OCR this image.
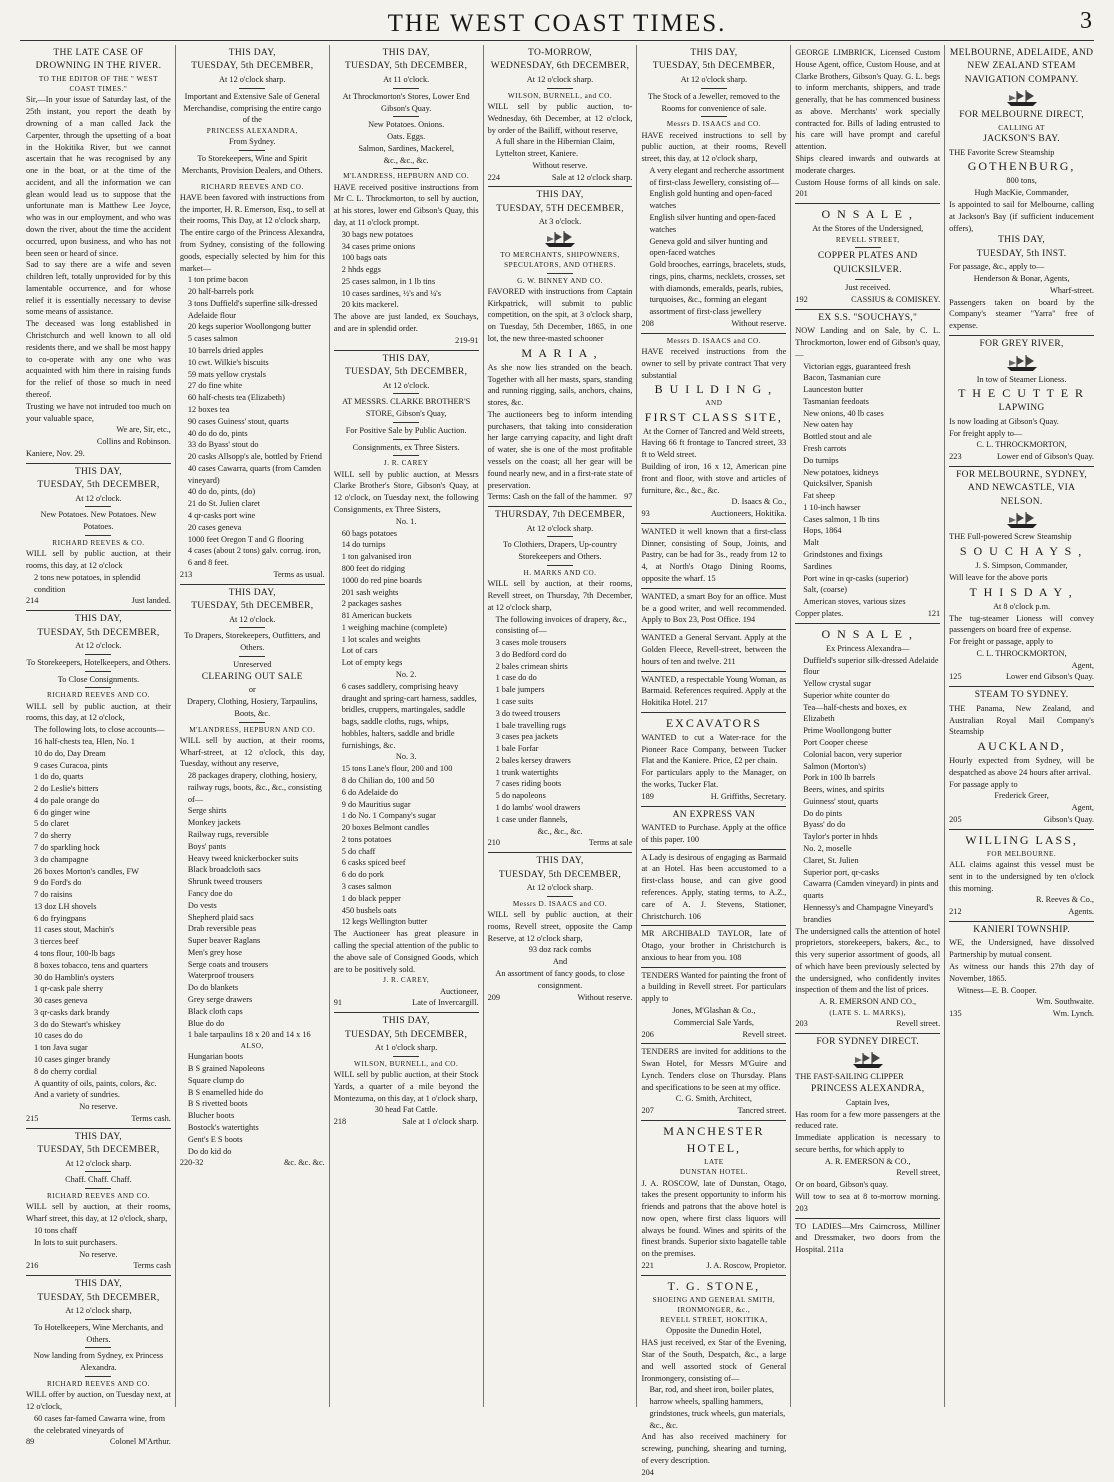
THE WEST COAST TIMES.	3
THE LATE CASE OF DROWNING IN THE RIVER.
TO THE EDITOR OF THE " WEST COAST TIMES."
Sir,—In your issue of Saturday last, of the 25th instant, you report the death by drowning of a man called Jack the Carpenter, through the upsetting of a boat in the Hokitika River, but we cannot ascertain that he was recognised by any one in the boat, or at the time of the accident, and all the information we can glean would lead us to suppose that the unfortunate man is Matthew Lee Joyce, who was in our employment, and who was down the river, about the time the accident occurred, upon business, and who has not been seen or heard of since.
Sad to say there are a wife and seven children left, totally unprovided for by this lamentable occurrence, and for whose relief it is essentially necessary to devise some means of assistance.
The deceased was long established in Christchurch and well known to all old residents there, and we shall be most happy to co-operate with any one who was acquainted with him there in raising funds for the relief of those so much in need thereof.
Trusting we have not intruded too much on your valuable space,
We are, Sir, etc.,
Collins and Robinson.
Kaniere, Nov. 29.
THIS DAY,
TUESDAY, 5th DECEMBER,
At 12 o'clock.
New Potatoes. New Potatoes. New Potatoes.
RICHARD REEVES & CO.
WILL sell by public auction, at their rooms, this day, at 12 o'clock
2 tons new potatoes, in splendid condition
214	Just landed.
THIS DAY,
TUESDAY, 5th DECEMBER,
At 12 o'clock.
To Storekeepers, Hotelkeepers, and Others.
To Close Consignments.
RICHARD REEVES AND CO.
WILL sell by public auction, at their rooms, this day, at 12 o'clock,
The following lots, to close accounts—
16 half-chests tea, Hlen, No. 1
10 do do, Day Dream
9 cases Curacoa, pints
1 do do, quarts
2 do Leslie's bitters
4 do pale orange do
6 do ginger wine
5 do claret
7 do sherry
7 do sparkling hock
3 do champagne
26 boxes Morton's candles, FW
9 do Ford's do
7 do raisins
13 doz LH shovels
6 do fryingpans
11 cases stout, Machin's
3 tierces beef
4 tons flour, 100-lb bags
8 boxes tobacco, tens and quarters
30 do Hamblin's oysters
1 qr-cask pale sherry
30 cases geneva
3 qr-casks dark brandy
3 do do Stewart's whiskey
10 cases do do
1 ton Java sugar
10 cases ginger brandy
8 do cherry cordial
A quantity of oils, paints, colors, &c.
And a variety of sundries.
No reserve.
215	Terms cash.
THIS DAY,
TUESDAY, 5th DECEMBER,
At 12 o'clock sharp.
Chaff. Chaff. Chaff.
RICHARD REEVES AND CO.
WILL sell by auction, at their rooms, Wharf street, this day, at 12 o'clock, sharp,
10 tons chaff
In lots to suit purchasers.
No reserve.
216	Terms cash
THIS DAY,
TUESDAY, 5th DECEMBER,
At 12 o'clock sharp,
To Hotelkeepers, Wine Merchants, and Others.
Now landing from Sydney, ex Princess Alexandra.
RICHARD REEVES AND CO.
WILL offer by auction, on Tuesday next, at 12 o'clock,
60 cases far-famed Cawarra wine, from the celebrated vineyards of
89	Colonel M'Arthur.
THIS DAY,
TUESDAY, 5th DECEMBER,
At 12 o'clock sharp.
Important and Extensive Sale of General Merchandise, comprising the entire cargo of the
PRINCESS ALEXANDRA,
From Sydney.
To Storekeepers, Wine and Spirit Merchants, Provision Dealers, and Others.
RICHARD REEVES AND CO.
HAVE been favored with instructions from the importer, H. R. Emerson, Esq., to sell at their rooms, This Day, at 12 o'clock sharp,
The entire cargo of the Princess Alexandra, from Sydney, consisting of the following goods, especially selected by him for this market—
1 ton prime bacon
20 half-barrels pork
3 tons Duffield's superfine silk-dressed Adelaide flour
20 kegs superior Woollongong butter
5 cases salmon
10 barrels dried apples
10 cwt. Wilkie's biscuits
59 mats yellow crystals
27 do fine white
60 half-chests tea (Elizabeth)
12 boxes tea
90 cases Guiness' stout, quarts
40 do do do, pints
33 do Byass' stout do
20 casks Allsopp's ale, bottled by Friend
40 cases Cawarra, quarts (from Camden vineyard)
40 do do, pints, (do)
21 do St. Julien claret
4 qr-casks port wine
20 cases geneva
1000 feet Oregon T and G flooring
4 cases (about 2 tons) galv. corrug. iron, 6 and 8 feet.
213	Terms as usual.
THIS DAY,
TUESDAY, 5th DECEMBER,
At 12 o'clock.
To Drapers, Storekeepers, Outfitters, and Others.
Unreserved
CLEARING OUT SALE
or
Drapery, Clothing, Hosiery, Tarpaulins, Boots, &c.
M'LANDRESS, HEPBURN AND CO.
WILL sell by auction, at their rooms, Wharf-street, at 12 o'clock, this day, Tuesday, without any reserve,
28 packages drapery, clothing, hosiery, railway rugs, boots, &c., &c., consisting of—
Serge shirts
Monkey jackets
Railway rugs, reversible
Boys' pants
Heavy tweed knickerbocker suits
Black broadcloth sacs
Shrunk tweed trousers
Fancy doe do
Do vests
Shepherd plaid sacs
Drab reversible peas
Super beaver Raglans
Men's grey hose
Serge coats and trousers
Waterproof trousers
Do do blankets
Grey serge drawers
Black cloth caps
Blue do do
1 bale tarpaulins 18 x 20 and 14 x 16
ALSO,
Hungarian boots
B S grained Napoleons
Square clump do
B S enamelled hide do
B S rivetted boots
Blucher boots
Bostock's watertights
Gent's E S boots
Do do kid do
220-32	&c. &c. &c.
THIS DAY,
TUESDAY, 5th DECEMBER,
At 11 o'clock.
At Throckmorton's Stores, Lower End Gibson's Quay.
New Potatoes. Onions.
Oats. Eggs.
Salmon, Sardines, Mackerel,
&c., &c., &c.
M'LANDRESS, HEPBURN AND CO.
HAVE received positive instructions from Mr C. L. Throckmorton, to sell by auction, at his stores, lower end Gibson's Quay, this day, at 11 o'clock prompt.
30 bags new potatoes
34 cases prime onions
100 bags oats
2 hhds eggs
25 cases salmon, in 1 lb tins
10 cases sardines, ½'s and ¼'s
20 kits mackerel.
The above are just landed, ex Souchays, and are in splendid order.
219-91
THIS DAY,
TUESDAY, 5th DECEMBER,
At 12 o'clock.
AT MESSRS. CLARKE BROTHER'S STORE, Gibson's Quay,
For Positive Sale by Public Auction.
Consignments, ex Three Sisters.
J. R. CAREY
WILL sell by public auction, at Messrs Clarke Brother's Store, Gibson's Quay, at 12 o'clock, on Tuesday next, the following Consignments, ex Three Sisters,
No. 1.
60 bags potatoes
14 do turnips
1 ton galvanised iron
800 feet do ridging
1000 do red pine boards
201 sash weights
2 packages sashes
81 American buckets
1 weighing machine (complete)
1 lot scales and weights
Lot of cars
Lot of empty kegs
No. 2.
6 cases saddlery, comprising heavy draught and spring-cart harness, saddles, bridles, cruppers, martingales, saddle bags, saddle cloths, rugs, whips, hobbles, halters, saddle and bridle furnishings, &c.
No. 3.
15 tons Lane's flour, 200 and 100
8 do Chilian do, 100 and 50
6 do Adelaide do
9 do Mauritius sugar
1 do No. 1 Company's sugar
20 boxes Belmont candles
2 tons potatoes
5 do chaff
6 casks spiced beef
6 do do pork
3 cases salmon
1 do black pepper
450 bushels oats
12 kegs Wellington butter
The Auctioneer has great pleasure in calling the special attention of the public to the above sale of Consigned Goods, which are to be positively sold.
J. R. CAREY,
Auctioneer,
91	Late of Invercargill.
THIS DAY,
TUESDAY, 5th DECEMBER,
At 1 o'clock sharp.
WILSON, BURNELL, and CO.
WILL sell by public auction, at their Stock Yards, a quarter of a mile beyond the Montezuma, on this day, at 1 o'clock sharp,
30 head Fat Cattle.
218	Sale at 1 o'clock sharp.
TO-MORROW,
WEDNESDAY, 6th DECEMBER,
At 12 o'clock sharp.
WILSON, BURNELL, and CO.
WILL sell by public auction, to-Wednesday, 6th December, at 12 o'clock, by order of the Bailiff, without reserve,
A full share in the Hibernian Claim, Lyttelton street, Kaniere.
Without reserve.
224	Sale at 12 o'clock sharp.
THIS DAY,
TUESDAY, 5TH DECEMBER,
At 3 o'clock.
TO MERCHANTS, SHIPOWNERS, SPECULATORS, AND OTHERS.
G. W. BINNEY AND CO.
FAVORED with instructions from Captain Kirkpatrick, will submit to public competition, on the spit, at 3 o'clock sharp, on Tuesday, 5th December, 1865, in one lot, the new three-masted schooner
M A R I A ,
As she now lies stranded on the beach. Together with all her masts, spars, standing and running rigging, sails, anchors, chains, stores, &c.
The auctioneers beg to inform intending purchasers, that taking into consideration her large carrying capacity, and light draft of water, she is one of the most profitable vessels on the coast; all her gear will be found nearly new, and in a first-rate state of preservation.
Terms: Cash on the fall of the hammer. 97
THURSDAY, 7th DECEMBER,
At 12 o'clock sharp.
To Clothiers, Drapers, Up-country Storekeepers and Others.
H. MARKS AND CO.
WILL sell by auction, at their rooms, Revell street, on Thursday, 7th December, at 12 o'clock sharp,
The following invoices of drapery, &c., consisting of—
3 cases mole trousers
3 do Bedford cord do
2 bales crimean shirts
1 case do do
1 bale jumpers
1 case suits
3 do tweed trousers
1 bale travelling rugs
3 cases pea jackets
1 bale Forfar
2 bales kersey drawers
1 trunk watertights
7 cases riding boots
5 do napoleons
1 do lambs' wool drawers
1 case under flannels,
&c., &c., &c.
210	Terms at sale
THIS DAY,
TUESDAY, 5th DECEMBER,
At 12 o'clock sharp.
Messrs D. ISAACS and CO.
WILL sell by public auction, at their rooms, Revell street, opposite the Camp Reserve, at 12 o'clock sharp,
93 doz rack combs
And
An assortment of fancy goods, to close consignment.
209	Without reserve.
THIS DAY,
TUESDAY, 5th DECEMBER,
At 12 o'clock sharp.
The Stock of a Jeweller, removed to the Rooms for convenience of sale.
Messrs D. ISAACS and CO.
HAVE received instructions to sell by public auction, at their rooms, Revell street, this day, at 12 o'clock sharp,
A very elegant and recherche assortment of first-class Jewellery, consisting of—
English gold hunting and open-faced watches
English silver hunting and open-faced watches
Geneva gold and silver hunting and open-faced watches
Gold brooches, earrings, bracelets, studs, rings, pins, charms, necklets, crosses, set with diamonds, emeralds, pearls, rubies, turquoises, &c., forming an elegant assortment of first-class jewellery
208	Without reserve.
Messrs D. ISAACS and CO.
HAVE received instructions from the owner to sell by private contract That very substantial
B U I L D I N G ,
AND
FIRST CLASS SITE,
At the Corner of Tancred and Weld streets,
Having 66 ft frontage to Tancred street, 33 ft to Weld street.
Building of iron, 16 x 12, American pine front and floor, with stove and articles of furniture, &c., &c., &c.
D. Isaacs & Co.,
93	Auctioneers, Hokitika.
WANTED it well known that a first-class Dinner, consisting of Soup, Joints, and Pastry, can be had for 3s., ready from 12 to 4, at North's Otago Dining Rooms, opposite the wharf. 15
WANTED, a smart Boy for an office. Must be a good writer, and well recommended. Apply to Box 23, Post Office. 194
WANTED a General Servant. Apply at the Golden Fleece, Revell-street, between the hours of ten and twelve. 211
WANTED, a respectable Young Woman, as Barmaid. References required. Apply at the Hokitika Hotel. 217
EXCAVATORS
WANTED to cut a Water-race for the Pioneer Race Company, between Tucker Flat and the Kaniere. Price, £2 per chain.
For particulars apply to the Manager, on the works, Tucker Flat.
189	H. Griffiths, Secretary.
AN EXPRESS VAN
WANTED to Purchase. Apply at the office of this paper. 100
A Lady is desirous of engaging as Barmaid at an Hotel. Has been accustomed to a first-class house, and can give good references. Apply, stating terms, to A.Z., care of A. J. Stevens, Stationer, Christchurch. 106
MR ARCHIBALD TAYLOR, late of Otago, your brother in Christchurch is anxious to hear from you. 108
TENDERS Wanted for painting the front of a building in Revell street. For particulars apply to
Jones, M'Glashan & Co.,
Commercial Sale Yards,
206	Revell street.
TENDERS are invited for additions to the Swan Hotel, for Messrs M'Guire and Lynch. Tenders close on Thursday. Plans and specifications to be seen at my office.
C. G. Smith, Architect,
207	Tancred street.
MANCHESTER HOTEL,
LATE
DUNSTAN HOTEL.
J. A. ROSCOW, late of Dunstan, Otago, takes the present opportunity to inform his friends and patrons that the above hotel is now open, where first class liquors will always be found. Wines and spirits of the finest brands. Superior sixto bagatelle table on the premises.
221	J. A. Roscow, Propietor.
T. G. STONE,
SHOEING AND GENERAL SMITH, IRONMONGER, &c.,
REVELL STREET, HOKITIKA,
Opposite the Dunedin Hotel,
HAS just received, ex Star of the Evening, Star of the South, Despatch, &c., a large and well assorted stock of General Ironmongery, consisting of—
Bar, rod, and sheet iron, boiler plates, harrow wheels, spalling hammers, grindstones, truck wheels, gun materials, &c., &c.
And has also received machinery for screwing, punching, shearing and turning, of every description.
204
GEORGE LIMBRICK, Licensed Custom House Agent, office, Custom House, and at Clarke Brothers, Gibson's Quay. G. L. begs to inform merchants, shippers, and trade generally, that he has commenced business as above. Merchants' work specially contracted for. Bills of lading entrusted to his care will have prompt and careful attention.
Ships cleared inwards and outwards at moderate charges.
Custom House forms of all kinds on sale. 201
O N S A L E ,
At the Stores of the Undersigned,
REVELL STREET,
COPPER PLATES AND QUICKSILVER.
Just received.
192	CASSIUS & COMISKEY.
EX S.S. "SOUCHAYS,"
NOW Landing and on Sale, by C. L. Throckmorton, lower end of Gibson's quay,—
Victorian eggs, guaranteed fresh
Bacon, Tasmanian cure
Launceston butter
Tasmanian feedoats
New onions, 40 lb cases
New oaten hay
Bottled stout and ale
Fresh carrots
Do turnips
New potatoes, kidneys
Quicksilver, Spanish
Fat sheep
1 10-inch hawser
Cases salmon, 1 lb tins
Hops, 1864
Malt
Grindstones and fixings
Sardines
Port wine in qr-casks (superior)
Salt, (coarse)
American stoves, various sizes
Copper plates.	121
O N S A L E ,
Ex Princess Alexandra—
Duffield's superior silk-dressed Adelaide flour
Yellow crystal sugar
Superior white counter do
Tea—half-chests and boxes, ex Elizabeth
Prime Woollongong butter
Port Cooper cheese
Colonial bacon, very superior
Salmon (Morton's)
Pork in 100 lb barrels
Beers, wines, and spirits
Guinness' stout, quarts
Do do pints
Byass' do do
Taylor's porter in hhds
No. 2, moselle
Claret, St. Julien
Superior port, qr-casks
Cawarra (Camden vineyard) in pints and quarts
Hennessy's and Champagne Vineyard's brandies
The undersigned calls the attention of hotel proprietors, storekeepers, bakers, &c., to this very superior assortment of goods, all of which have been previously selected by the undersigned, who confidently invites inspection of them and the list of prices.
A. R. EMERSON AND CO.,
(LATE S. L. MARKS),
203	Revell street.
FOR SYDNEY DIRECT.
THE FAST-SAILING CLIPPER
PRINCESS ALEXANDRA,
Captain Ives,
Has room for a few more passengers at the reduced rate.
Immediate application is necessary to secure berths, for which apply to
A. R. EMERSON & CO.,
Revell street,
Or on board, Gibson's quay.
Will tow to sea at 8 to-morrow morning. 203
TO LADIES—Mrs Cairncross, Milliner and Dressmaker, two doors from the Hospital. 211a
MELBOURNE, ADELAIDE, AND NEW ZEALAND STEAM NAVIGATION COMPANY.
FOR MELBOURNE DIRECT,
CALLING AT
JACKSON'S BAY.
THE Favorite Screw Steamship
GOTHENBURG,
800 tons,
Hugh MacKie, Commander,
Is appointed to sail for Melbourne, calling at Jackson's Bay (if sufficient inducement offers),
THIS DAY,
TUESDAY, 5th INST.
For passage, &c., apply to—
Henderson & Bonar, Agents,
Wharf-street.
Passengers taken on board by the Company's steamer "Yarra" free of expense.
FOR GREY RIVER,
In tow of Steamer Lioness.
T H E C U T T E R
LAPWING
Is now loading at Gibson's Quay.
For freight apply to—
C. L. THROCKMORTON,
223	Lower end of Gibson's Quay.
FOR MELBOURNE, SYDNEY, AND NEWCASTLE, VIA NELSON.
THE Full-powered Screw Steamship
S O U C H A Y S ,
J. S. Simpson, Commander,
Will leave for the above ports
T H I S D A Y ,
At 8 o'clock p.m.
The tug-steamer Lioness will convey passengers on board free of expense.
For freight or passage, apply to
C. L. THROCKMORTON,
Agent,
125	Lower end Gibson's Quay.
STEAM TO SYDNEY.
THE Panama, New Zealand, and Australian Royal Mail Company's Steamship
AUCKLAND,
Hourly expected from Sydney, will be despatched as above 24 hours after arrival.
For passage apply to
Frederick Greer,
Agent,
205	Gibson's Quay.
WILLING LASS,
FOR MELBOURNE.
ALL claims against this vessel must be sent in to the undersigned by ten o'clock this morning.
R. Reeves & Co.,
212	Agents.
KANIERI TOWNSHIP.
WE, the Undersigned, have dissolved Partnership by mutual consent.
As witness our hands this 27th day of November, 1865.
Witness—E. B. Cooper.
Wm. Southwaite.
135	Wm. Lynch.
